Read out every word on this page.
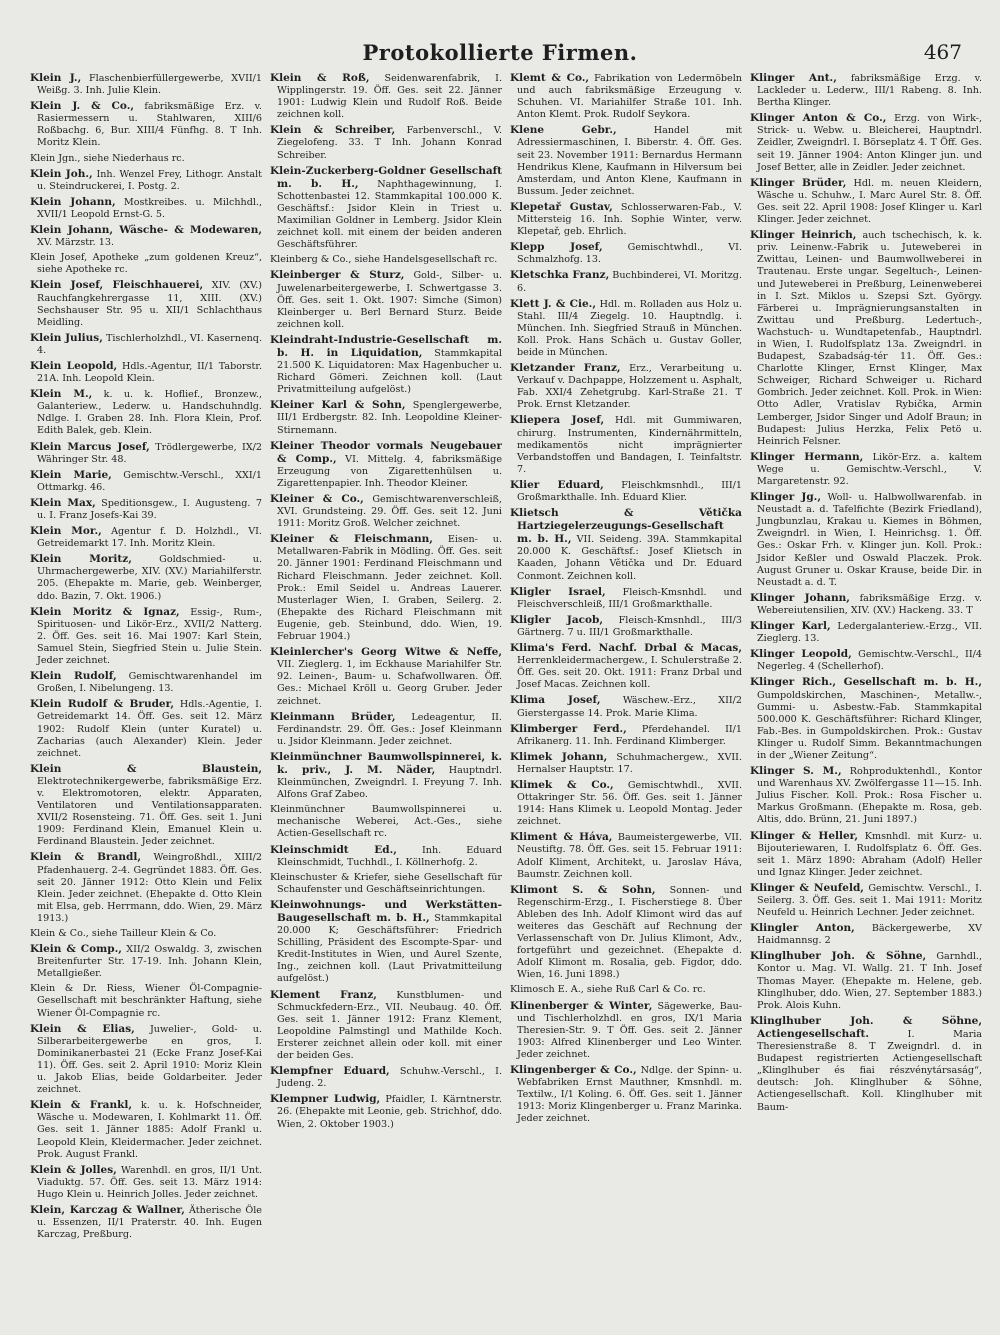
Protokollierte Firmen.	467
Klein J., Flaschenbierfüllergewerbe, XVII/1 Weißg. 3. Inh. Julie Klein.
Klein J. & Co., fabriksmäßige Erz. v. Rasiermessern u. Stahlwaren, XIII/6 Roßbachg. 6, Bur. XIII/4 Fünfhg. 8. T Inh. Moritz Klein.
Klein Jgn., siehe Niederhaus rc.
Klein Joh., Inh. Wenzel Frey, Lithogr. Anstalt u. Steindruckerei, I. Postg. 2.
Klein Johann, Mostkreibes. u. Milchhdl., XVII/1 Leopold Ernst-G. 5.
Klein Johann, Wäsche- & Modewaren, XV. Märzstr. 13.
Klein Josef, Apotheke „zum goldenen Kreuz“, siehe Apotheke rc.
Klein Josef, Fleischhauerei, XIV. (XV.) Rauchfangkehrergasse 11, XIII. (XV.) Sechshauser Str. 95 u. XII/1 Schlachthaus Meidling.
Klein Julius, Tischlerholzhdl., VI. Kasernenq. 4.
Klein Leopold, Hdls.-Agentur, II/1 Taborstr. 21A. Inh. Leopold Klein.
Klein M., k. u. k. Hoflief., Bronzew., Galanteriew., Lederw. u. Handschuhndlg. Ndlge. I. Graben 28. Inh. Flora Klein, Prof. Edith Balek, geb. Klein.
Klein Marcus Josef, Trödlergewerbe, IX/2 Währinger Str. 48.
Klein Marie, Gemischtw.-Verschl., XXI/1 Ottmarkg. 46.
Klein Max, Speditionsgew., I. Augusteng. 7 u. I. Franz Josefs-Kai 39.
Klein Mor., Agentur f. D. Holzhdl., VI. Getreidemarkt 17. Inh. Moritz Klein.
Klein Moritz, Goldschmied- u. Uhrmachergewerbe, XIV. (XV.) Mariahilferstr. 205. (Ehepakte m. Marie, geb. Weinberger, ddo. Bazin, 7. Okt. 1906.)
Klein Moritz & Ignaz, Essig-, Rum-, Spirituosen- und Likör-Erz., XVII/2 Natterg. 2. Öff. Ges. seit 16. Mai 1907: Karl Stein, Samuel Stein, Siegfried Stein u. Julie Stein. Jeder zeichnet.
Klein Rudolf, Gemischtwarenhandel im Großen, I. Nibelungeng. 13.
Klein Rudolf & Bruder, Hdls.-Agentie, I. Getreidemarkt 14. Öff. Ges. seit 12. März 1902: Rudolf Klein (unter Kuratel) u. Zacharias (auch Alexander) Klein. Jeder zeichnet.
Klein & Blaustein, Elektrotechnikergewerbe, fabriksmäßige Erz. v. Elektromotoren, elektr. Apparaten, Ventilatoren und Ventilationsapparaten. XVII/2 Rosensteing. 71. Öff. Ges. seit 1. Juni 1909: Ferdinand Klein, Emanuel Klein u. Ferdinand Blaustein. Jeder zeichnet.
Klein & Brandl, Weingroßhdl., XIII/2 Pfadenhauerg. 2-4. Gegründet 1883. Öff. Ges. seit 20. Jänner 1912: Otto Klein und Felix Klein. Jeder zeichnet. (Ehepakte d. Otto Klein mit Elsa, geb. Herrmann, ddo. Wien, 29. März 1913.)
Klein & Co., siehe Tailleur Klein & Co.
Klein & Comp., XII/2 Oswaldg. 3, zwischen Breitenfurter Str. 17-19. Inh. Johann Klein, Metallgießer.
Klein & Dr. Riess, Wiener Öl-Compagnie-Gesellschaft mit beschränkter Haftung, siehe Wiener Öl-Compagnie rc.
Klein & Elias, Juwelier-, Gold- u. Silberarbeitergewerbe en gros, I. Dominikanerbastei 21 (Ecke Franz Josef-Kai 11). Öff. Ges. seit 2. April 1910: Moriz Klein u. Jakob Elias, beide Goldarbeiter. Jeder zeichnet.
Klein & Frankl, k. u. k. Hofschneider, Wäsche u. Modewaren, I. Kohlmarkt 11. Öff. Ges. seit 1. Jänner 1885: Adolf Frankl u. Leopold Klein, Kleidermacher. Jeder zeichnet. Prok. August Frankl.
Klein & Jolles, Warenhdl. en gros, II/1 Unt. Viaduktg. 57. Öff. Ges. seit 13. März 1914: Hugo Klein u. Heinrich Jolles. Jeder zeichnet.
Klein, Karczag & Wallner, Ätherische Öle u. Essenzen, II/1 Praterstr. 40. Inh. Eugen Karczag, Preßburg.
Klein & Roß, Seidenwarenfabrik, I. Wipplingerstr. 19. Öff. Ges. seit 22. Jänner 1901: Ludwig Klein und Rudolf Roß. Beide zeichnen koll.
Klein & Schreiber, Farbenverschl., V. Ziegelofeng. 33. T Inh. Johann Konrad Schreiber.
Klein-Zuckerberg-Goldner Gesellschaft m. b. H., Naphthagewinnung, I. Schottenbastei 12. Stammkapital 100.000 K. Geschäftsf.: Jsidor Klein in Triest u. Maximilian Goldner in Lemberg. Jsidor Klein zeichnet koll. mit einem der beiden anderen Geschäftsführer.
Kleinberg & Co., siehe Handelsgesellschaft rc.
Kleinberger & Sturz, Gold-, Silber- u. Juwelenarbeitergewerbe, I. Schwertgasse 3. Öff. Ges. seit 1. Okt. 1907: Simche (Simon) Kleinberger u. Berl Bernard Sturz. Beide zeichnen koll.
Kleindraht-Industrie-Gesellschaft m. b. H. in Liquidation, Stammkapital 21.500 K. Liquidatoren: Max Hagenbucher u. Richard Gömeri. Zeichnen koll. (Laut Privatmitteilung aufgelöst.)
Kleiner Karl & Sohn, Spenglergewerbe, III/1 Erdbergstr. 82. Inh. Leopoldine Kleiner-Stirnemann.
Kleiner Theodor vormals Neugebauer & Comp., VI. Mittelg. 4, fabriksmäßige Erzeugung von Zigarettenhülsen u. Zigarettenpapier. Inh. Theodor Kleiner.
Kleiner & Co., Gemischtwarenverschleiß, XVI. Grundsteing. 29. Öff. Ges. seit 12. Juni 1911: Moritz Groß. Welcher zeichnet.
Kleiner & Fleischmann, Eisen- u. Metallwaren-Fabrik in Mödling. Öff. Ges. seit 20. Jänner 1901: Ferdinand Fleischmann und Richard Fleischmann. Jeder zeichnet. Koll. Prok.: Emil Seidel u. Andreas Lauerer. Musterlager Wien, I. Graben, Seilerg. 2. (Ehepakte des Richard Fleischmann mit Eugenie, geb. Steinbund, ddo. Wien, 19. Februar 1904.)
Kleinlercher's Georg Witwe & Neffe, VII. Zieglerg. 1, im Eckhause Mariahilfer Str. 92. Leinen-, Baum- u. Schafwollwaren. Öff. Ges.: Michael Kröll u. Georg Gruber. Jeder zeichnet.
Kleinmann Brüder, Ledeagentur, II. Ferdinandstr. 29. Öff. Ges.: Josef Kleinmann u. Jsidor Kleinmann. Jeder zeichnet.
Kleinmünchner Baumwollspinnerei, k. k. priv., J. M. Näder, Hauptndrl. Kleinmünchen, Zweigndrl. I. Freyung 7. Inh. Alfons Graf Zabeo.
Kleinmünchner Baumwollspinnerei u. mechanische Weberei, Act.-Ges., siehe Actien-Gesellschaft rc.
Kleinschmidt Ed., Inh. Eduard Kleinschmidt, Tuchhdl., I. Köllnerhofg. 2.
Kleinschuster & Kriefer, siehe Gesellschaft für Schaufenster und Geschäftseinrichtungen.
Kleinwohnungs- und Werkstätten-Baugesellschaft m. b. H., Stammkapital 20.000 K; Geschäftsführer: Friedrich Schilling, Präsident des Escompte-Spar- und Kredit-Institutes in Wien, und Aurel Szente, Ing., zeichnen koll. (Laut Privatmitteilung aufgelöst.)
Klement Franz, Kunstblumen- und Schmuckfedern-Erz., VII. Neubaug. 40. Öff. Ges. seit 1. Jänner 1912: Franz Klement, Leopoldine Palmstingl und Mathilde Koch. Ersterer zeichnet allein oder koll. mit einer der beiden Ges.
Klempfner Eduard, Schuhw.-Verschl., I. Judeng. 2.
Klempner Ludwig, Pfaidler, I. Kärntnerstr. 26. (Ehepakte mit Leonie, geb. Strichhof, ddo. Wien, 2. Oktober 1903.)
Klemt & Co., Fabrikation von Ledermöbeln und auch fabriksmäßige Erzeugung v. Schuhen. VI. Mariahilfer Straße 101. Inh. Anton Klemt. Prok. Rudolf Seykora.
Klene Gebr., Handel mit Adressiermaschinen, I. Biberstr. 4. Öff. Ges. seit 23. November 1911: Bernardus Hermann Hendrikus Klene, Kaufmann in Hilversum bei Amsterdam, und Anton Klene, Kaufmann in Bussum. Jeder zeichnet.
Klepetař Gustav, Schlosserwaren-Fab., V. Mittersteig 16. Inh. Sophie Winter, verw. Klepetař, geb. Ehrlich.
Klepp Josef, Gemischtwhdl., VI. Schmalzhofg. 13.
Kletschka Franz, Buchbinderei, VI. Moritzg. 6.
Klett J. & Cie., Hdl. m. Rolladen aus Holz u. Stahl. III/4 Ziegelg. 10. Hauptndlg. i. München. Inh. Siegfried Strauß in München. Koll. Prok. Hans Schäch u. Gustav Goller, beide in München.
Kletzander Franz, Erz., Verarbeitung u. Verkauf v. Dachpappe, Holzzement u. Asphalt, Fab. XXI/4 Zehetgrubg. Karl-Straße 21. T Prok. Ernst Kletzander.
Kliepera Josef, Hdl. mit Gummiwaren, chirurg. Instrumenten, Kindernährmitteln, medikamentös nicht imprägnierter Verbandstoffen und Bandagen, I. Teinfaltstr. 7.
Klier Eduard, Fleischkmsnhdl., III/1 Großmarkthalle. Inh. Eduard Klier.
Klietsch & Větička Hartziegelerzeugungs-Gesellschaft m. b. H., VII. Seideng. 39A. Stammkapital 20.000 K. Geschäftsf.: Josef Klietsch in Kaaden, Johann Větička und Dr. Eduard Conmont. Zeichnen koll.
Kligler Israel, Fleisch-Kmsnhdl. und Fleischverschleiß, III/1 Großmarkthalle.
Kligler Jacob, Fleisch-Kmsnhdl., III/3 Gärtnerg. 7 u. III/1 Großmarkthalle.
Klima's Ferd. Nachf. Drbal & Macas, Herrenkleidermachergew., I. Schulerstraße 2. Öff. Ges. seit 20. Okt. 1911: Franz Drbal und Josef Macas. Zeichnen koll.
Klima Josef, Wäschew.-Erz., XII/2 Gierstergasse 14. Prok. Marie Klima.
Klimberger Ferd., Pferdehandel. II/1 Afrikanerg. 11. Inh. Ferdinand Klimberger.
Klimek Johann, Schuhmachergew., XVII. Hernalser Hauptstr. 17.
Klimek & Co., Gemischtwhdl., XVII. Ottakringer Str. 56. Öff. Ges. seit 1. Jänner 1914: Hans Klimek u. Leopold Montag. Jeder zeichnet.
Kliment & Háva, Baumeistergewerbe, VII. Neustiftg. 78. Öff. Ges. seit 15. Februar 1911: Adolf Kliment, Architekt, u. Jaroslav Háva, Baumstr. Zeichnen koll.
Klimont S. & Sohn, Sonnen- und Regenschirm-Erzg., I. Fischerstiege 8. Über Ableben des Inh. Adolf Klimont wird das auf weiteres das Geschäft auf Rechnung der Verlassenschaft von Dr. Julius Klimont, Adv., fortgeführt und gezeichnet. (Ehepakte d. Adolf Klimont m. Rosalia, geb. Figdor, ddo. Wien, 16. Juni 1898.)
Klimosch E. A., siehe Ruß Carl & Co. rc.
Klinenberger & Winter, Sägewerke, Bau- und Tischlerholzhdl. en gros, IX/1 Maria Theresien-Str. 9. T Öff. Ges. seit 2. Jänner 1903: Alfred Klinenberger und Leo Winter. Jeder zeichnet.
Klingenberger & Co., Ndlge. der Spinn- u. Webfabriken Ernst Mauthner, Kmsnhdl. m. Textilw., I/1 Koling. 6. Öff. Ges. seit 1. Jänner 1913: Moriz Klingenberger u. Franz Marinka. Jeder zeichnet.
Klinger Ant., fabriksmäßige Erzg. v. Lackleder u. Lederw., III/1 Rabeng. 8. Inh. Bertha Klinger.
Klinger Anton & Co., Erzg. von Wirk-, Strick- u. Webw. u. Bleicherei, Hauptndrl. Zeidler, Zweigndrl. I. Börseplatz 4. T Öff. Ges. seit 19. Jänner 1904: Anton Klinger jun. und Josef Better, alle in Zeidler. Jeder zeichnet.
Klinger Brüder, Hdl. m. neuen Kleidern, Wäsche u. Schuhw., I. Marc Aurel Str. 8. Öff. Ges. seit 22. April 1908: Josef Klinger u. Karl Klinger. Jeder zeichnet.
Klinger Heinrich, auch tschechisch, k. k. priv. Leinenw.-Fabrik u. Juteweberei in Zwittau, Leinen- und Baumwollweberei in Trautenau. Erste ungar. Segeltuch-, Leinen- und Juteweberei in Preßburg, Leinenweberei in I. Szt. Miklos u. Szepsi Szt. György. Färberei u. Imprägnierungsanstalten in Zwittau und Preßburg. Ledertuch-, Wachstuch- u. Wundtapetenfab., Hauptndrl. in Wien, I. Rudolfsplatz 13a. Zweigndrl. in Budapest, Szabadság-tér 11. Öff. Ges.: Charlotte Klinger, Ernst Klinger, Max Schweiger, Richard Schweiger u. Richard Gombrich. Jeder zeichnet. Koll. Prok. in Wien: Otto Adler, Vratislav Rybička, Armin Lemberger, Jsidor Singer und Adolf Braun; in Budapest: Julius Herzka, Felix Petö u. Heinrich Felsner.
Klinger Hermann, Likör-Erz. a. kaltem Wege u. Gemischtw.-Verschl., V. Margaretenstr. 92.
Klinger Jg., Woll- u. Halbwollwarenfab. in Neustadt a. d. Tafelfichte (Bezirk Friedland), Jungbunzlau, Krakau u. Kiemes in Böhmen, Zweigndrl. in Wien, I. Heinrichsg. 1. Öff. Ges.: Oskar Frh. v. Klinger jun. Koll. Prok.: Jsidor Keßler und Oswald Placzek. Prok. August Gruner u. Oskar Krause, beide Dir. in Neustadt a. d. T.
Klinger Johann, fabriksmäßige Erzg. v. Webereiutensilien, XIV. (XV.) Hackeng. 33. T
Klinger Karl, Ledergalanteriew.-Erzg., VII. Zieglerg. 13.
Klinger Leopold, Gemischtw.-Verschl., II/4 Negerleg. 4 (Schellerhof).
Klinger Rich., Gesellschaft m. b. H., Gumpoldskirchen, Maschinen-, Metallw.-, Gummi- u. Asbestw.-Fab. Stammkapital 500.000 K. Geschäftsführer: Richard Klinger, Fab.-Bes. in Gumpoldskirchen. Prok.: Gustav Klinger u. Rudolf Simm. Bekanntmachungen in der „Wiener Zeitung“.
Klinger S. M., Rohproduktenhdl., Kontor und Warenhaus XV. Zwölfergasse 11—15. Inh. Julius Fischer. Koll. Prok.: Rosa Fischer u. Markus Großmann. (Ehepakte m. Rosa, geb. Altis, ddo. Brünn, 21. Juni 1897.)
Klinger & Heller, Kmsnhdl. mit Kurz- u. Bijouteriewaren, I. Rudolfsplatz 6. Öff. Ges. seit 1. März 1890: Abraham (Adolf) Heller und Ignaz Klinger. Jeder zeichnet.
Klinger & Neufeld, Gemischtw. Verschl., I. Seilerg. 3. Öff. Ges. seit 1. Mai 1911: Moritz Neufeld u. Heinrich Lechner. Jeder zeichnet.
Klingler Anton, Bäckergewerbe, XV Haidmannsg. 2
Klinglhuber Joh. & Söhne, Garnhdl., Kontor u. Mag. VI. Wallg. 21. T Inh. Josef Thomas Mayer. (Ehepakte m. Helene, geb. Klinglhuber, ddo. Wien, 27. September 1883.) Prok. Alois Kuhn.
Klinglhuber Joh. & Söhne, Actiengesellschaft. I. Maria Theresienstraße 8. T Zweigndrl. d. in Budapest registrierten Actiengesellschaft „Klinglhuber és fiai részvénytársaság“, deutsch: Joh. Klinglhuber & Söhne, Actiengesellschaft. Koll. Klinglhuber mit Baum-
